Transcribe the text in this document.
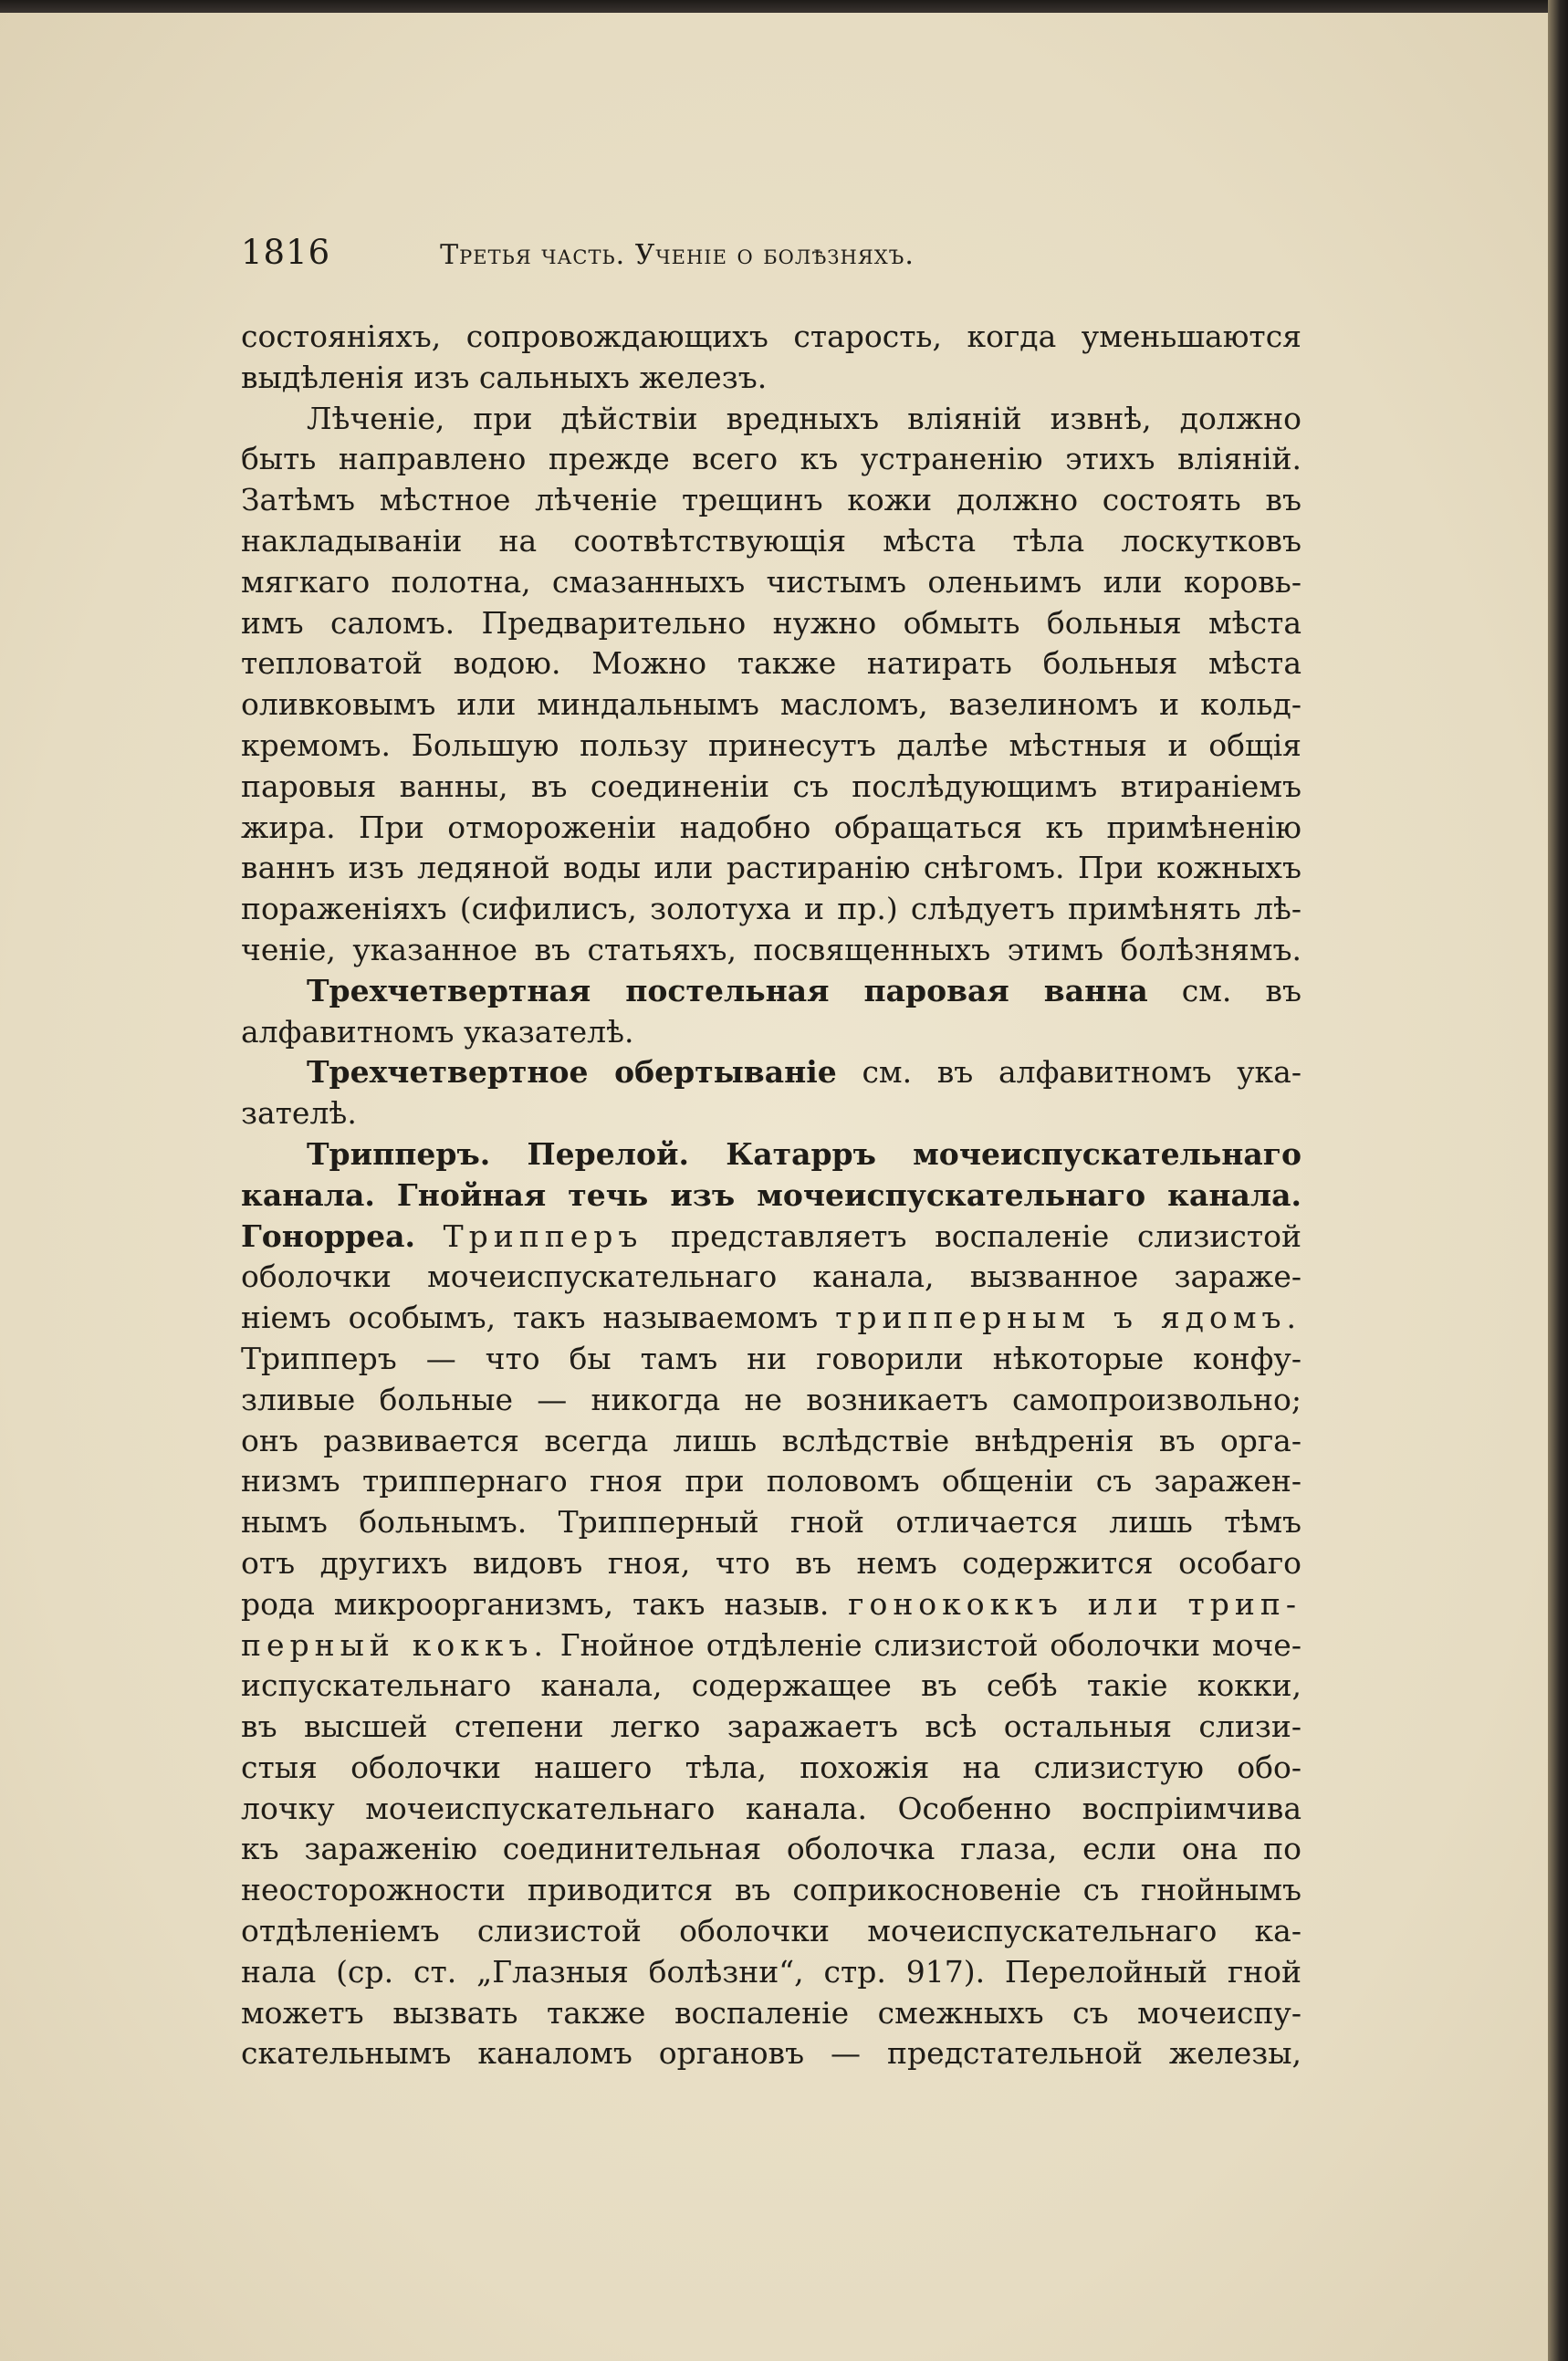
1816	Третья часть. Ученіе о болѣзняхъ.
состояніяхъ, сопровождающихъ старость, когда уменьшаются
выдѣленія изъ сальныхъ железъ.
Лѣченіе, при дѣйствіи вредныхъ вліяній извнѣ, должно
быть направлено прежде всего къ устраненію этихъ вліяній.
Затѣмъ мѣстное лѣченіе трещинъ кожи должно состоять въ
накладываніи на соотвѣтствующія мѣста тѣла лоскутковъ
мягкаго полотна, смазанныхъ чистымъ оленьимъ или коровь-
имъ саломъ. Предварительно нужно обмыть больныя мѣста
тепловатой водою. Можно также натирать больныя мѣста
оливковымъ или миндальнымъ масломъ, вазелиномъ и кольд-
кремомъ. Большую пользу принесутъ далѣе мѣстныя и общія
паровыя ванны, въ соединеніи съ послѣдующимъ втираніемъ
жира. При отмороженіи надобно обращаться къ примѣненію
ваннъ изъ ледяной воды или растиранію снѣгомъ. При кожныхъ
пораженіяхъ (сифилисъ, золотуха и пр.) слѣдуетъ примѣнять лѣ-
ченіе, указанное въ статьяхъ, посвященныхъ этимъ болѣзнямъ.
Трехчетвертная постельная паровая ванна см. въ
алфавитномъ указателѣ.
Трехчетвертное обертываніе см. въ алфавитномъ ука-
зателѣ.
Трипперъ. Перелой. Катарръ мочеиспускательнаго
канала. Гнойная течь изъ мочеиспускательнаго канала.
Гонорреа. Трипперъ представляетъ воспаленіе слизистой
оболочки мочеиспускательнаго канала, вызванное зараже-
ніемъ особымъ, такъ называемомъ трипперным ъ ядомъ.
Трипперъ — что бы тамъ ни говорили нѣкоторые конфу-
зливые больные — никогда не возникаетъ самопроизвольно;
онъ развивается всегда лишь вслѣдствіе внѣдренія въ орга-
низмъ триппернаго гноя при половомъ общеніи съ заражен-
нымъ больнымъ. Трипперный гной отличается лишь тѣмъ
отъ другихъ видовъ гноя, что въ немъ содержится особаго
рода микроорганизмъ, такъ назыв. гонококкъ или трип-
перный коккъ. Гнойное отдѣленіе слизистой оболочки моче-
испускательнаго канала, содержащее въ себѣ такіе кокки,
въ высшей степени легко заражаетъ всѣ остальныя слизи-
стыя оболочки нашего тѣла, похожія на слизистую обо-
лочку мочеиспускательнаго канала. Особенно воспріимчива
къ зараженію соединительная оболочка глаза, если она по
неосторожности приводится въ соприкосновеніе съ гнойнымъ
отдѣленіемъ слизистой оболочки мочеиспускательнаго ка-
нала (ср. ст. „Глазныя болѣзни“, стр. 917). Перелойный гной
можетъ вызвать также воспаленіе смежныхъ съ мочеиспу-
скательнымъ каналомъ органовъ — предстательной железы,
